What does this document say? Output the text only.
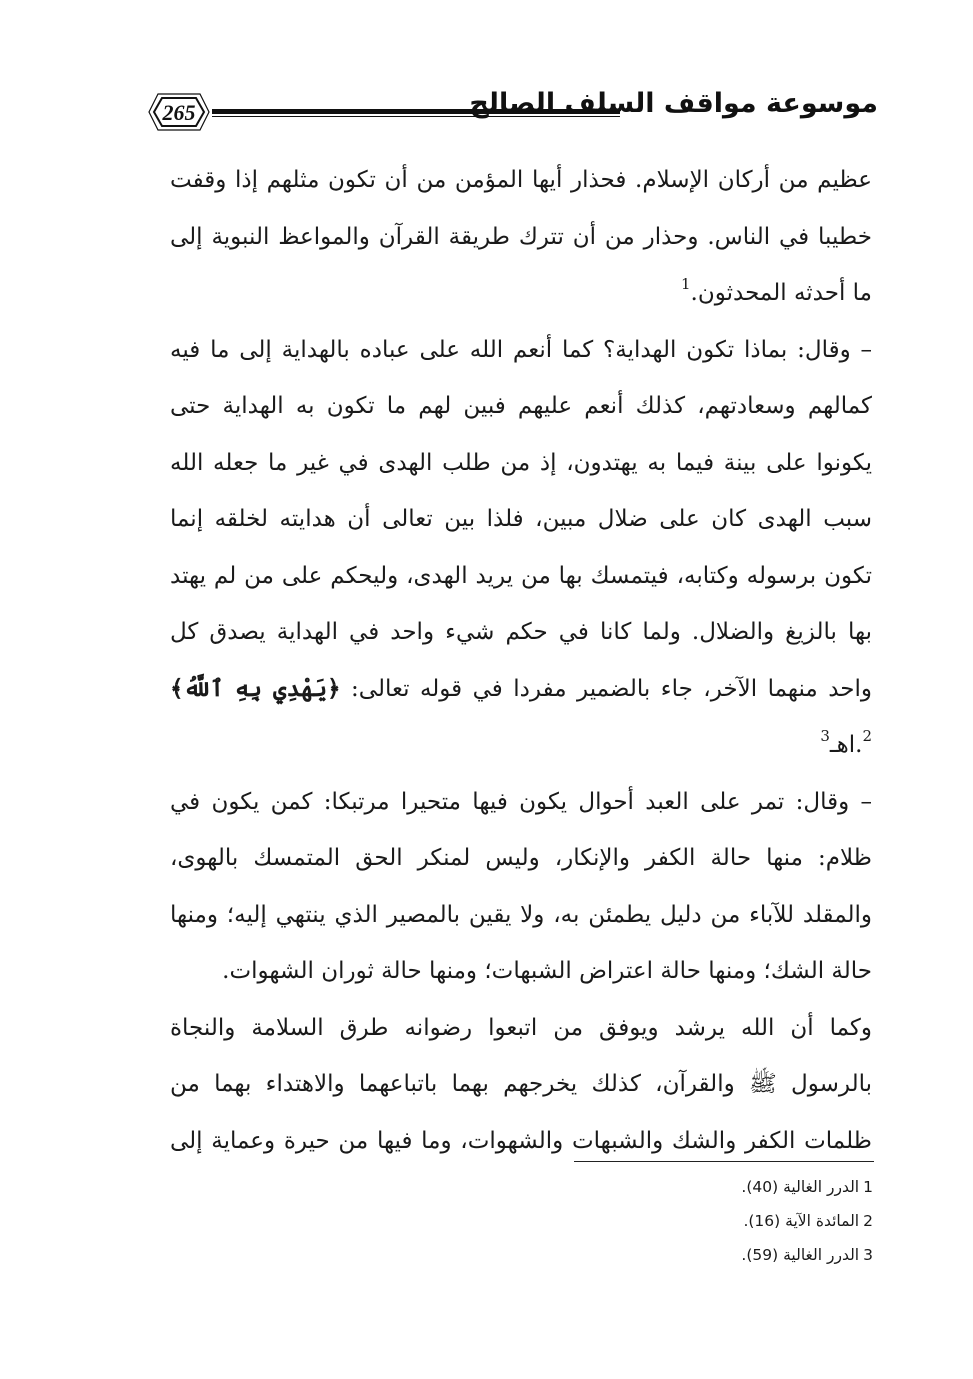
265	موسوعة مواقف السلف الصالح

عظيم من أركان الإسلام. فحذار أيها المؤمن من أن تكون مثلهم إذا وقفت خطيبا في الناس. وحذار من أن تترك طريقة القرآن والمواعظ النبوية إلى ما أحدثه المحدثون.$^1$

– وقال: بماذا تكون الهداية؟ كما أنعم الله على عباده بالهداية إلى ما فيه كمالهم وسعادتهم، كذلك أنعم عليهم فبين لهم ما تكون به الهداية حتى يكونوا على بينة فيما به يهتدون، إذ من طلب الهدى في غير ما جعله الله سبب الهدى كان على ضلال مبين، فلذا بين تعالى أن هدايته لخلقه إنما تكون برسوله وكتابه، فيتمسك بها من يريد الهدى، وليحكم على من لم يهتد بها بالزيغ والضلال. ولما كانا في حكم شيء واحد في الهداية يصدق كل واحد منهما الآخر، جاء بالضمير مفردا في قوله تعالى: ﴿يَهْدِي بِهِ ٱللَّهُ﴾$^2$.اهـ$^3$

– وقال: تمر على العبد أحوال يكون فيها متحيرا مرتبكا: كمن يكون في ظلام: منها حالة الكفر والإنكار، وليس لمنكر الحق المتمسك بالهوى، والمقلد للآباء من دليل يطمئن به، ولا يقين بالمصير الذي ينتهي إليه؛ ومنها حالة الشك؛ ومنها حالة اعتراض الشبهات؛ ومنها حالة ثوران الشهوات.

وكما أن الله يرشد ويوفق من اتبعوا رضوانه طرق السلامة والنجاة بالرسول ﷺ والقرآن، كذلك يخرجهم بهما باتباعهما والاهتداء بهما من ظلمات الكفر والشك والشبهات والشهوات، وما فيها من حيرة وعماية إلى

1الدرر الغالية (40).
2المائدة الآية (16).
3الدرر الغالية (59).
